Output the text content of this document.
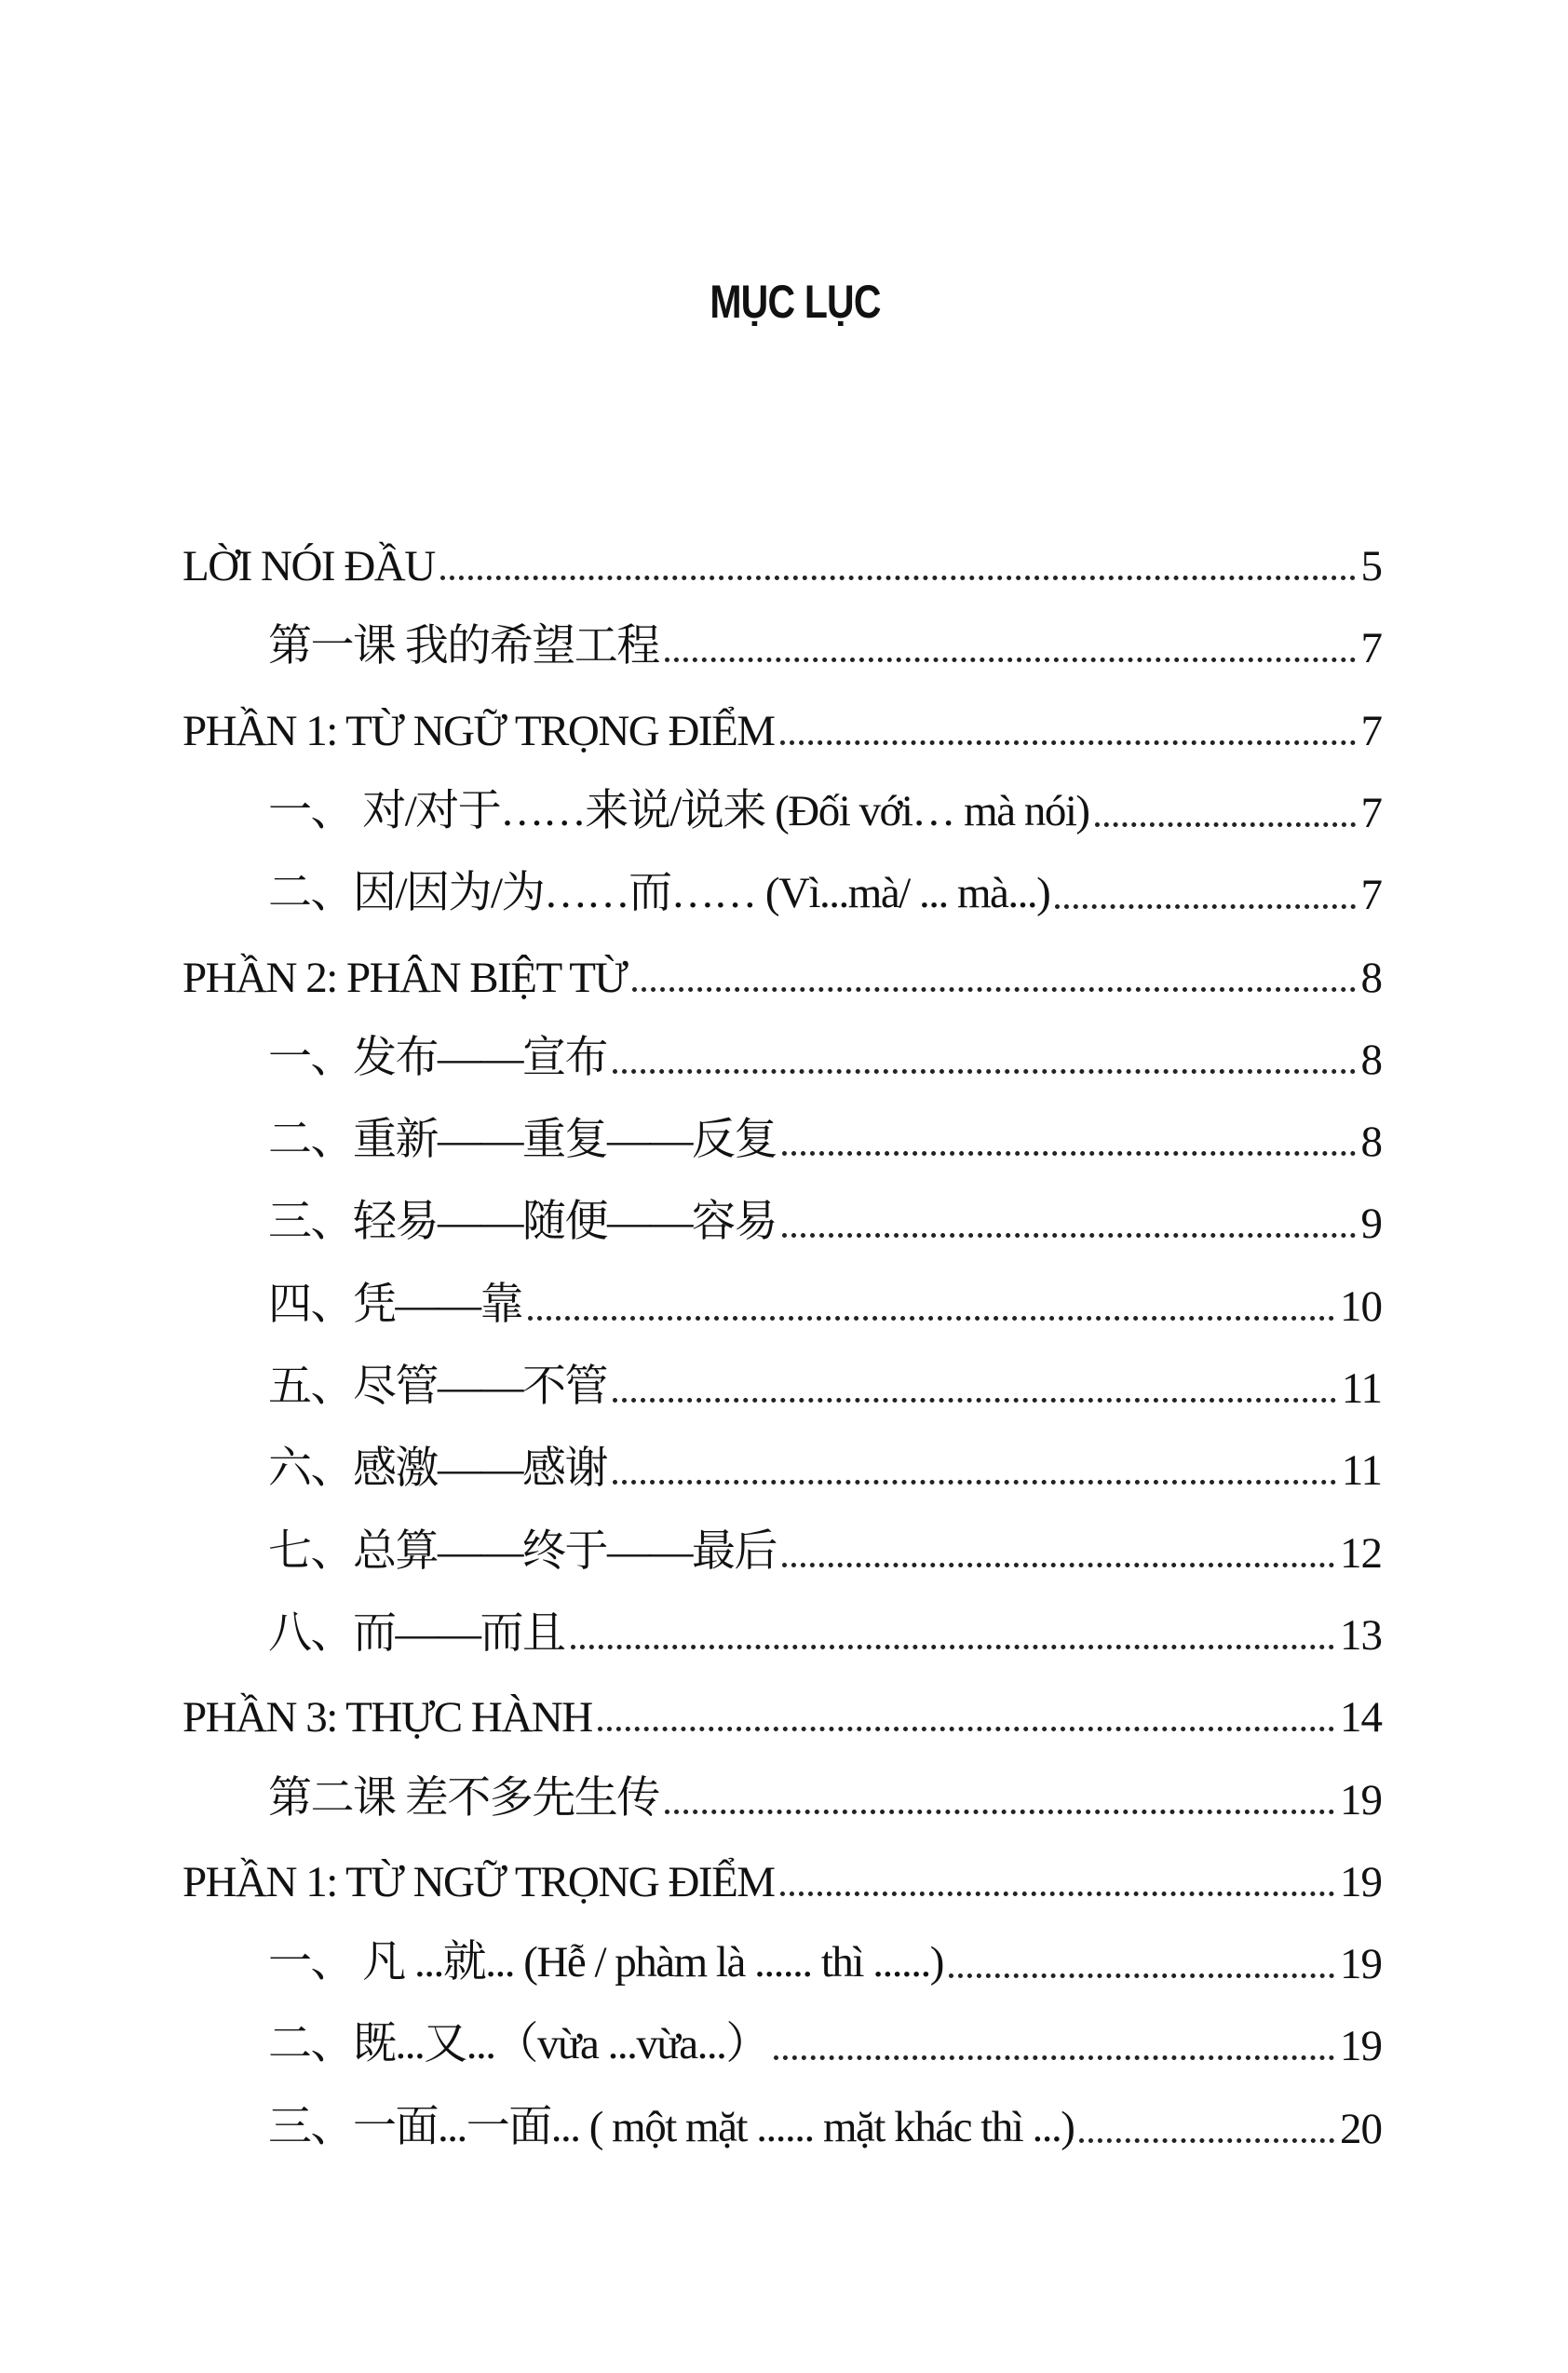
MỤC LỤC
LỜI NÓI ĐẦU	5
第一课 我的希望工程	7
PHẦN 1: TỪ NGỮ TRỌNG ĐIỂM	7
一、 对/对于……来说/说来 (Đối với… mà nói)	7
二、因/因为/为……而…… (Vì...mà/ ... mà...)	7
PHẦN 2: PHÂN BIỆT TỪ	8
一、发布——宣布	8
二、重新——重复——反复	8
三、轻易——随便——容易	9
四、凭——靠	10
五、尽管——不管	11
六、感激——感谢	11
七、总算——终于——最后	12
八、而——而且	13
PHẦN 3: THỰC HÀNH	14
第二课 差不多先生传	19
PHẦN 1: TỪ NGỮ TRỌNG ĐIỂM	19
一、 凡 ...就... (Hễ / phàm là ...... thì ......)	19
二、既...又...（vừa ...vừa...）	19
三、一面...一面... ( một mặt ...... mặt khác thì ...)	20
